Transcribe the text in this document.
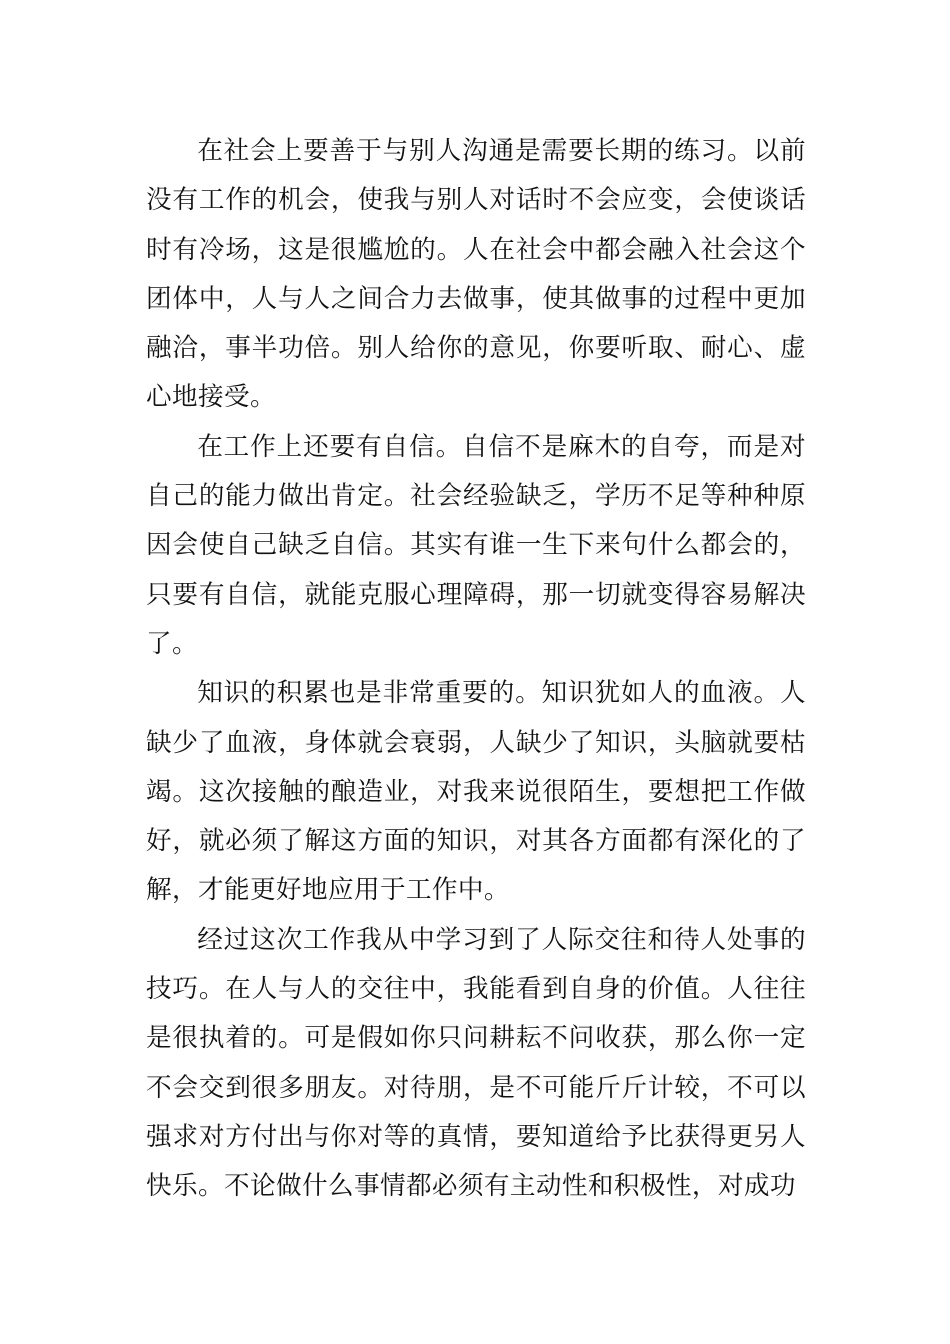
在社会上要善于与别人沟通是需要长期的练习。以前没有工作的机会，使我与别人对话时不会应变，会使谈话时有冷场，这是很尴尬的。人在社会中都会融入社会这个团体中，人与人之间合力去做事，使其做事的过程中更加融洽，事半功倍。别人给你的意见，你要听取、耐心、虚心地接受。

在工作上还要有自信。自信不是麻木的自夸，而是对自己的能力做出肯定。社会经验缺乏，学历不足等种种原因会使自己缺乏自信。其实有谁一生下来句什么都会的，只要有自信，就能克服心理障碍，那一切就变得容易解决了。

知识的积累也是非常重要的。知识犹如人的血液。人缺少了血液，身体就会衰弱，人缺少了知识，头脑就要枯竭。这次接触的酿造业，对我来说很陌生，要想把工作做好，就必须了解这方面的知识，对其各方面都有深化的了解，才能更好地应用于工作中。

经过这次工作我从中学习到了人际交往和待人处事的技巧。在人与人的交往中，我能看到自身的价值。人往往是很执着的。可是假如你只问耕耘不问收获，那么你一定不会交到很多朋友。对待朋，是不可能斤斤计较，不可以强求对方付出与你对等的真情，要知道给予比获得更另人快乐。不论做什么事情都必须有主动性和积极性，对成功
